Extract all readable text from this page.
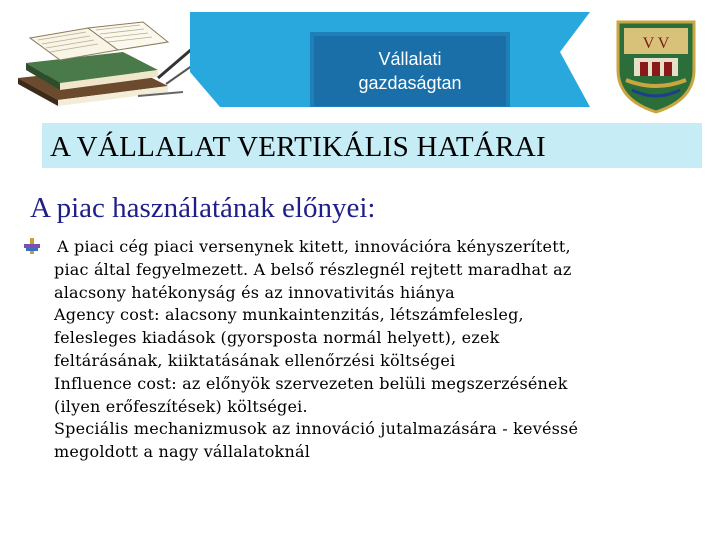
Vállalati
gazdaságtan
V V
A VÁLLALAT VERTIKÁLIS HATÁRAI
A piac használatának előnyei:
A piaci cég piaci versenynek kitett, innovációra kényszerített,
piac által fegyelmezett. A belső részlegnél rejtett maradhat az
alacsony hatékonyság és az innovativitás hiánya
Agency cost: alacsony munkaintenzitás, létszámfelesleg,
felesleges kiadások (gyorsposta normál helyett), ezek
feltárásának, kiiktatásának ellenőrzési költségei
Influence cost: az előnyök szervezeten belüli megszerzésének
(ilyen erőfeszítések) költségei.
Speciális mechanizmusok az innováció jutalmazására - kevéssé
megoldott a nagy vállalatoknál
